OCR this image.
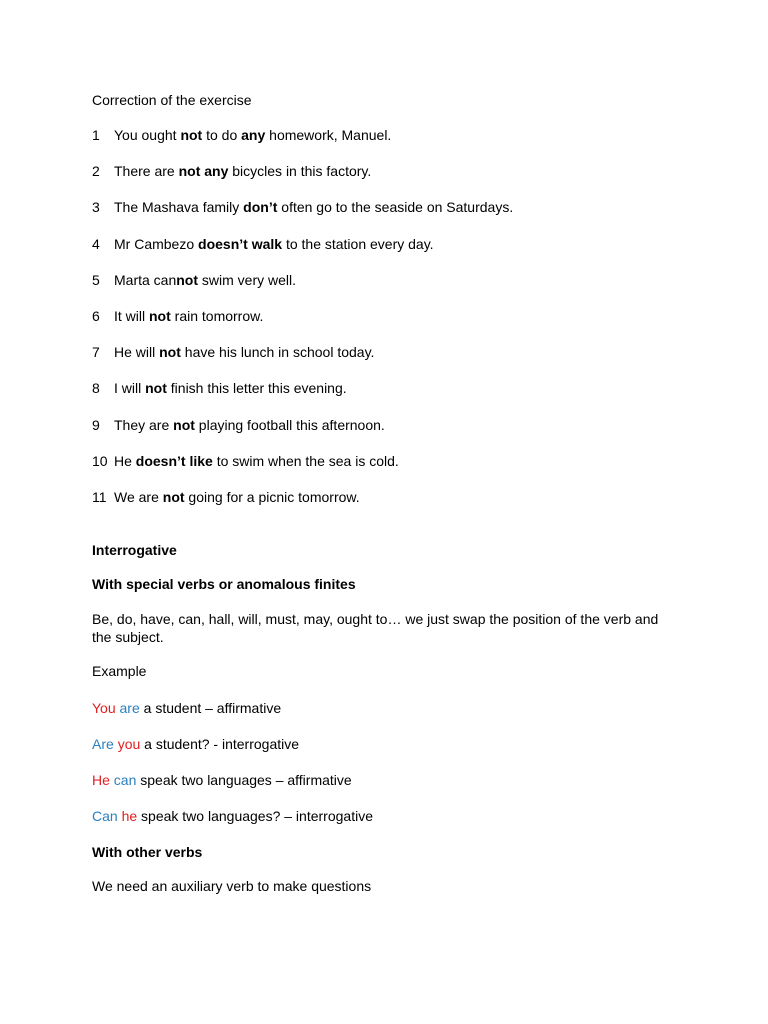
Correction of the exercise
1 You ought not to do any homework, Manuel.
2 There are not any bicycles in this factory.
3 The Mashava family don’t often go to the seaside on Saturdays.
4 Mr Cambezo doesn’t walk to the station every day.
5 Marta cannot swim very well.
6 It will not rain tomorrow.
7 He will not have his lunch in school today.
8 I will not finish this letter this evening.
9 They are not playing football this afternoon.
10 He doesn’t like to swim when the sea is cold.
11 We are not going for a picnic tomorrow.
Interrogative
With special verbs or anomalous finites
Be, do, have, can, hall, will, must, may, ought to… we just swap the position of the verb and the subject.
Example
You are a student – affirmative
Are you a student? - interrogative
He can speak two languages – affirmative
Can he speak two languages? – interrogative
With other verbs
We need an auxiliary verb to make questions
